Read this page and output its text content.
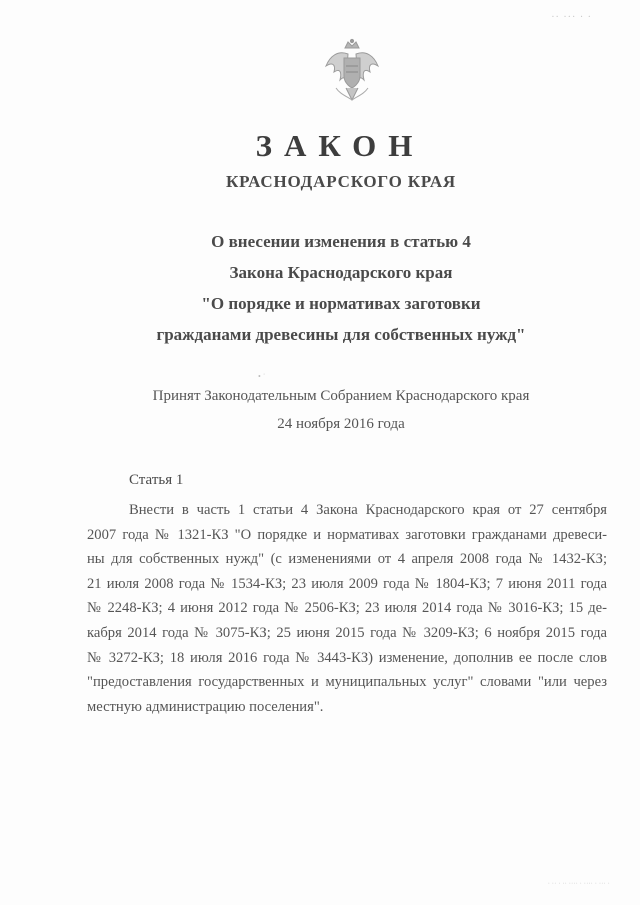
·· ··· · ·
ЗАКОН
КРАСНОДАРСКОГО КРАЯ
О внесении изменения в статью 4
Закона Краснодарского края
"О порядке и нормативах заготовки
гражданами древесины для собственных нужд"
• ˙
Принят Законодательным Собранием Краснодарского края
24 ноября 2016 года
Статья 1
Внести в часть 1 статьи 4 Закона Краснодарского края от 27 сентября
2007 года № 1321-КЗ "О порядке и нормативах заготовки гражданами древеси-
ны для собственных нужд" (с изменениями от 4 апреля 2008 года № 1432-КЗ;
21 июля 2008 года № 1534-КЗ; 23 июля 2009 года № 1804-КЗ; 7 июня 2011 года
№ 2248-КЗ; 4 июня 2012 года № 2506-КЗ; 23 июля 2014 года № 3016-КЗ; 15 де-
кабря 2014 года № 3075-КЗ; 25 июня 2015 года № 3209-КЗ; 6 ноября 2015 года
№ 3272-КЗ; 18 июля 2016 года № 3443-КЗ) изменение, дополнив ее после слов
"предоставления государственных и муниципальных услуг" словами "или через
местную администрацию поселения".
· ·· · ·· ···· · ···· · ··· ·
